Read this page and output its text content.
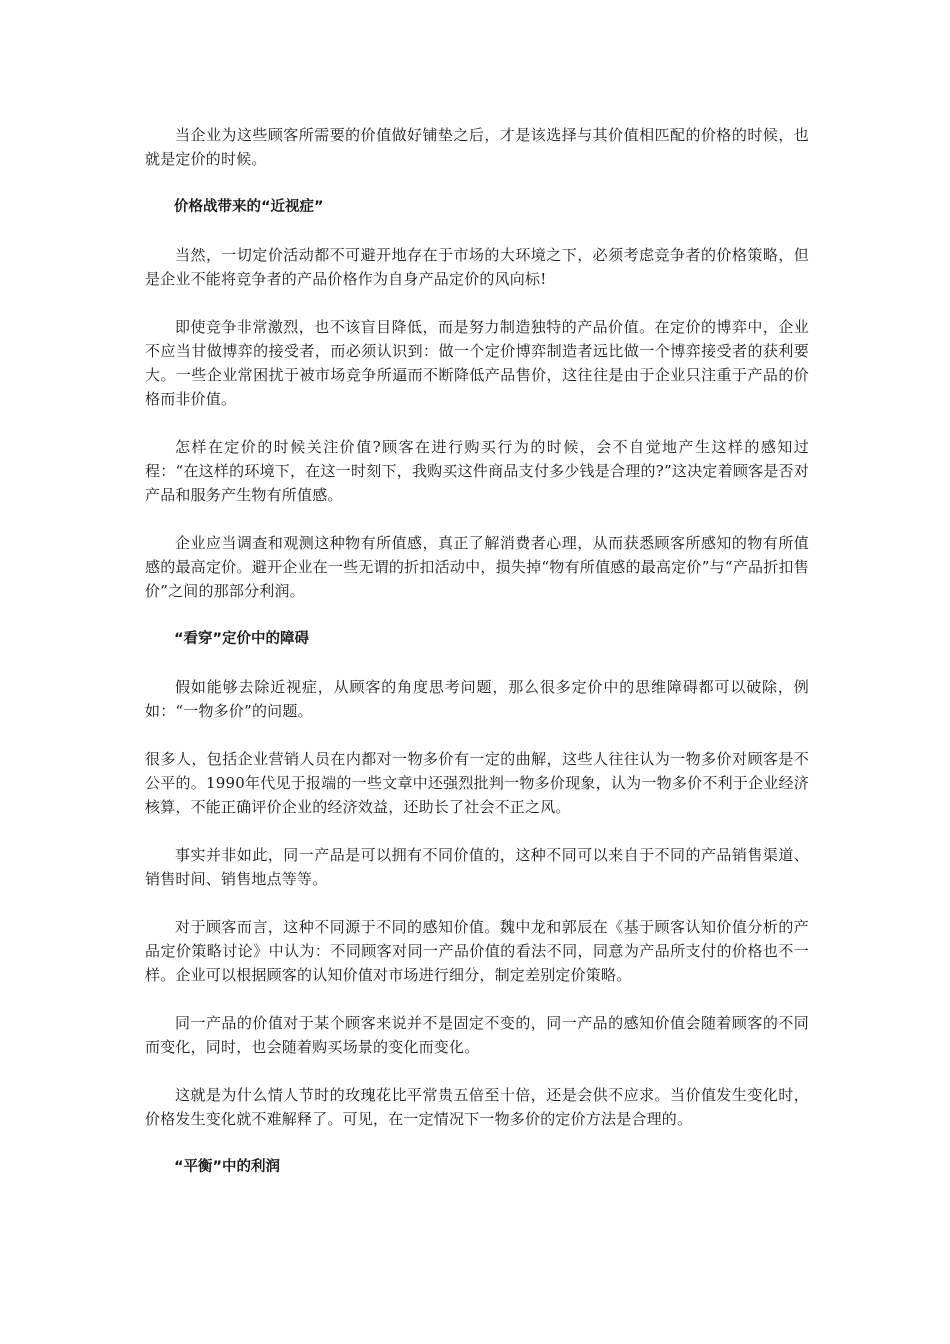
当企业为这些顾客所需要的价值做好铺垫之后，才是该选择与其价值相匹配的价格的时候，也就是定价的时候。

价格战带来的“近视症”

当然，一切定价活动都不可避开地存在于市场的大环境之下，必须考虑竞争者的价格策略，但是企业不能将竞争者的产品价格作为自身产品定价的风向标!

即使竞争非常激烈，也不该盲目降低，而是努力制造独特的产品价值。在定价的博弈中，企业不应当甘做博弈的接受者，而必须认识到：做一个定价博弈制造者远比做一个博弈接受者的获利要大。一些企业常困扰于被市场竞争所逼而不断降低产品售价，这往往是由于企业只注重于产品的价格而非价值。

怎样在定价的时候关注价值?顾客在进行购买行为的时候，会不自觉地产生这样的感知过程：“在这样的环境下，在这一时刻下，我购买这件商品支付多少钱是合理的?”这决定着顾客是否对产品和服务产生物有所值感。

企业应当调查和观测这种物有所值感，真正了解消费者心理，从而获悉顾客所感知的物有所值感的最高定价。避开企业在一些无谓的折扣活动中，损失掉“物有所值感的最高定价”与“产品折扣售价”之间的那部分利润。

“看穿”定价中的障碍

假如能够去除近视症，从顾客的角度思考问题，那么很多定价中的思维障碍都可以破除，例如：“一物多价”的问题。

很多人，包括企业营销人员在内都对一物多价有一定的曲解，这些人往往认为一物多价对顾客是不公平的。1990年代见于报端的一些文章中还强烈批判一物多价现象，认为一物多价不利于企业经济核算，不能正确评价企业的经济效益，还助长了社会不正之风。

事实并非如此，同一产品是可以拥有不同价值的，这种不同可以来自于不同的产品销售渠道、销售时间、销售地点等等。

对于顾客而言，这种不同源于不同的感知价值。魏中龙和郭辰在《基于顾客认知价值分析的产品定价策略讨论》中认为：不同顾客对同一产品价值的看法不同，同意为产品所支付的价格也不一样。企业可以根据顾客的认知价值对市场进行细分，制定差别定价策略。

同一产品的价值对于某个顾客来说并不是固定不变的，同一产品的感知价值会随着顾客的不同而变化，同时，也会随着购买场景的变化而变化。

这就是为什么情人节时的玫瑰花比平常贵五倍至十倍，还是会供不应求。当价值发生变化时，价格发生变化就不难解释了。可见，在一定情况下一物多价的定价方法是合理的。

“平衡”中的利润
